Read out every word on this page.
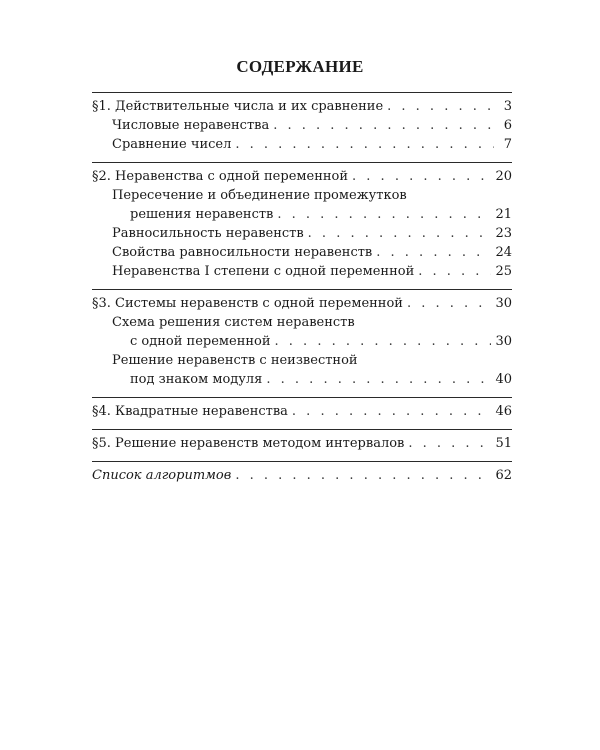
СОДЕРЖАНИЕ
§1. Действительные числа и их сравнение . . .	3
Числовые неравенства . . .	6
Сравнение чисел . . .	7
§2. Неравенства с одной переменной . . .	20
Пересечение и объединение промежутков
решения неравенств . . .	21
Равносильность неравенств . . .	23
Свойства равносильности неравенств . . .	24
Неравенства I степени с одной переменной . . .	25
§3. Системы неравенств с одной переменной . . .	30
Схема решения систем неравенств
с одной переменной . . .	30
Решение неравенств с неизвестной
под знаком модуля . . .	40
§4. Квадратные неравенства . . .	46
§5. Решение неравенств методом интервалов . . .	51
Список алгоритмов . . .	62
